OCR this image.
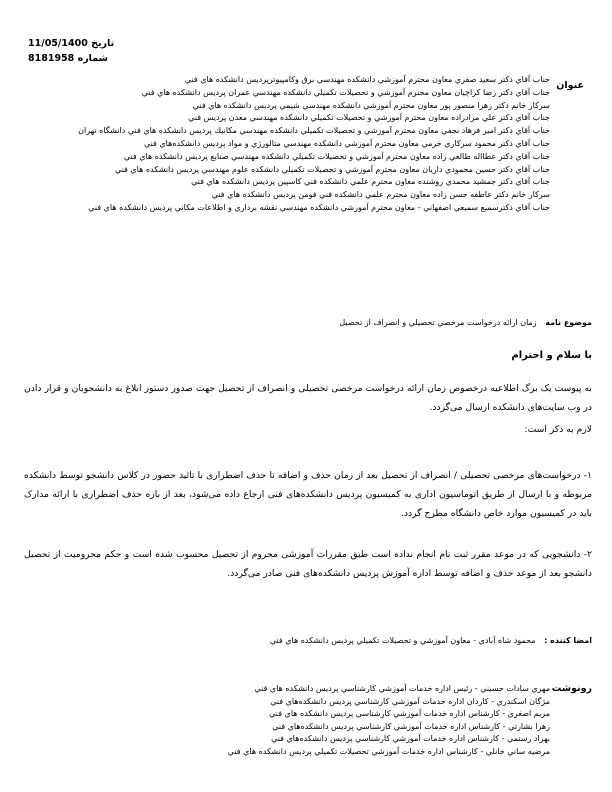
تاريخ 11/05/1400
شماره 8181958
عنوان
جناب آقاي دكتر سعيد صفري معاون محترم آموزشي دانشكده مهندسي برق وكامپيوترپرديس دانشكده هاي فني
جناب آقاي دكتر رضا كراچيان معاون محترم آموزشي و تحصيلات تكميلي دانشكده مهندسي عمران پرديس دانشكده هاي فني
سركار خانم دكتر زهرا منصور پور معاون محترم آموزشي دانشكده مهندسي شيمي پرديس دانشكده هاي فني
جناب آقاي دكتر علي مرادزاده معاون محترم آموزشي و تحصيلات تكميلي دانشكده مهندسي معدن پرديس فني
جناب آقاي دكتر امير فرهاد نجفي معاون محترم آموزشي و تحصيلات تكميلي دانشكده مهندسي مكانيك پرديس دانشكده هاي فني دانشگاه تهران
جناب آقاي دكتر محمود سركاري خرمي معاون محترم آموزشي دانشكده مهندسي متالورژي و مواد پرديس دانشكده‌هاي فني
جناب آقاي دكتر عطااله طالعي زاده معاون محترم آموزشي و تحصيلات تكميلي دانشكده مهندسي صنايع پرديس دانشكده هاي فني
جناب آقاي دكتر حسين محمودي داريان معاون محترم آموزشي و تحصيلات تكميلي دانشكده علوم مهندسي پرديس دانشكده هاي فني
جناب آقاي دكتر جمشيد محمدي روشنده معاون محترم علمي دانشكده فني كاسپين پرديس دانشكده هاي فني
سركار خانم دكتر عاطفه حسن زاده معاون محترم علمي دانشكده فني فومن پرديس دانشكده هاي فني
جناب آقاي دكترسميع سميعي اصفهاني - معاون محترم آموزشي دانشكده مهندسي نقشه برداري و اطلاعات مكاني پرديس دانشكده هاي فني
موضوع نامه زمان ارائه درخواست مرخصي تحصيلي و انصراف از تحصيل
با سلام و احترام
به پیوست یک برگ اطلاعیه درخصوص زمان ارائه درخواست مرخصی تحصیلی و انصراف از تحصیل جهت صدور دستور ابلاغ به دانشجویان و قرار دادن در وب سایت‌های دانشکده ارسال می‌گردد.
لازم به ذکر است:
۱- درخواست‌های مرخصی تحصیلی / انصراف از تحصیل بعد از زمان حذف و اضافه تا حذف اضطراری با تائید حضور در کلاس دانشجو توسط دانشکده مربوطه و با ارسال از طریق اتوماسیون اداری به کمیسیون پردیس دانشکده‌های فنی ارجاع داده می‌شود، بعد از بازه حذف اضطراری با ارائه مدارک باید در کمیسیون موارد خاص دانشگاه مطرح گردد.
۲- دانشجویی که در موعد مقرر ثبت نام انجام نداده است طبق مقررات آموزشی محروم از تحصیل محسوب شده است و حکم محرومیت از تحصیل دانشجو بعد از موعد حذف و اضافه توسط اداره آموزش پردیس دانشکده‌های فنی صادر می‌گردد.
امضا كننده : محمود شاه آبادي - معاون آموزشي و تحصيلات تكميلي پرديس دانشكده هاي فني
رونوشت
مهري سادات حسيني - رئيس اداره خدمات آموزشي كارشناسي پرديس دانشكده هاي فني
مژگان اسكندري - كاردان اداره خدمات آموزشي كارشناسي پرديس دانشكده‌هاي فني
مريم اصغري - كارشناس اداره خدمات آموزشي كارشناسي پرديس دانشكده هاي فني
زهرا بشارتي - كارشناس اداره خدمات آموزشي كارشناسي پرديس دانشكده‌هاي فني
بهزاد رستمي - كارشناس اداره خدمات آموزشي كارشناسي پرديس دانشكده‌هاي فني
مرضيه ساني خانلي - كارشناس اداره خدمات آموزشي تحصيلات تكميلي پرديس دانشكده هاي فني
